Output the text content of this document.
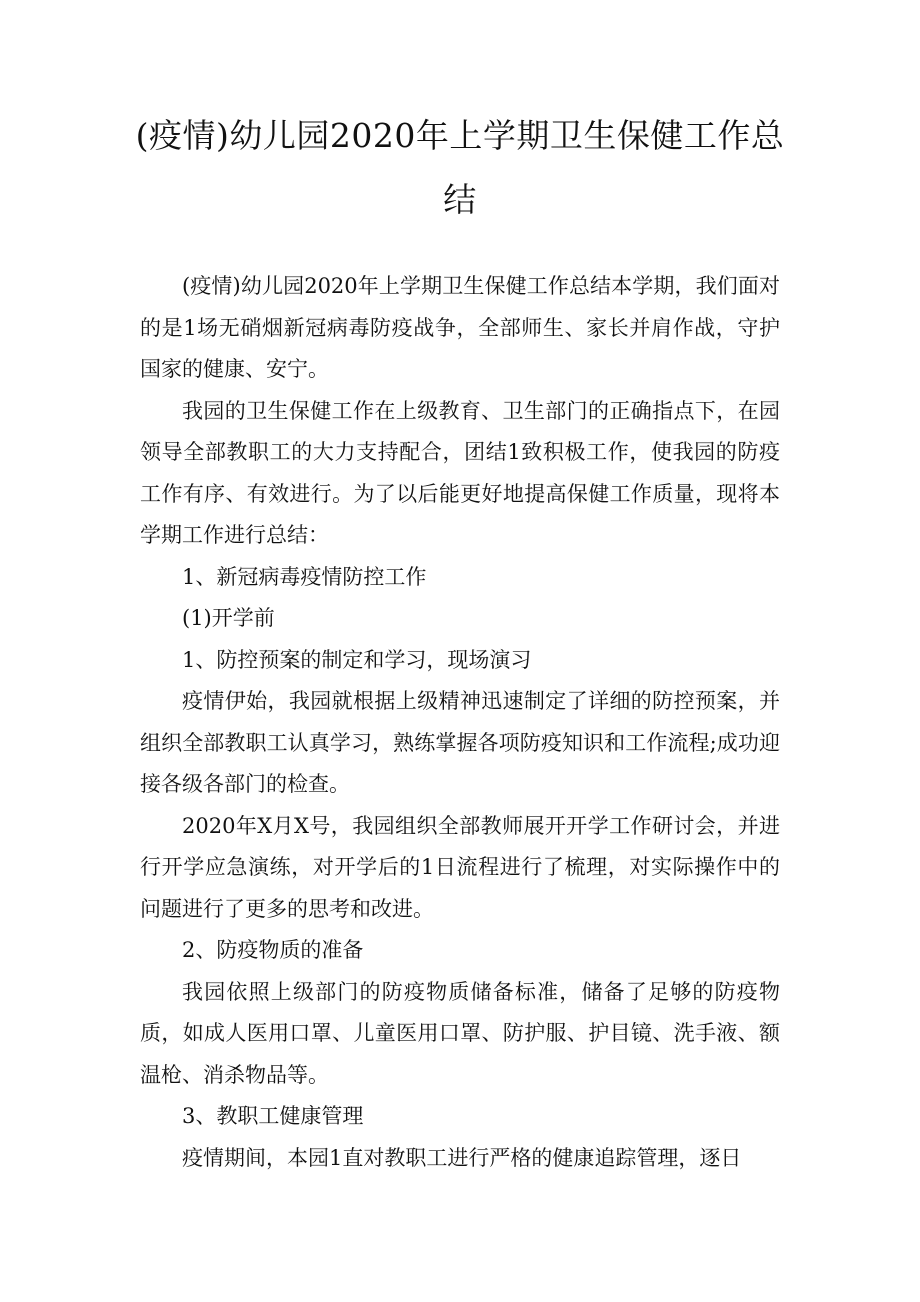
(疫情)幼儿园2020年上学期卫生保健工作总结

(疫情)幼儿园2020年上学期卫生保健工作总结本学期，我们面对的是1场无硝烟新冠病毒防疫战争，全部师生、家长并肩作战，守护国家的健康、安宁。

我园的卫生保健工作在上级教育、卫生部门的正确指点下，在园领导全部教职工的大力支持配合，团结1致积极工作，使我园的防疫工作有序、有效进行。为了以后能更好地提高保健工作质量，现将本学期工作进行总结：

1、新冠病毒疫情防控工作

(1)开学前

1、防控预案的制定和学习，现场演习

疫情伊始，我园就根据上级精神迅速制定了详细的防控预案，并组织全部教职工认真学习，熟练掌握各项防疫知识和工作流程;成功迎接各级各部门的检查。

2020年X月X号，我园组织全部教师展开开学工作研讨会，并进行开学应急演练，对开学后的1日流程进行了梳理，对实际操作中的问题进行了更多的思考和改进。

2、防疫物质的准备

我园依照上级部门的防疫物质储备标准，储备了足够的防疫物质，如成人医用口罩、儿童医用口罩、防护服、护目镜、洗手液、额温枪、消杀物品等。

3、教职工健康管理

疫情期间，本园1直对教职工进行严格的健康追踪管理，逐日
